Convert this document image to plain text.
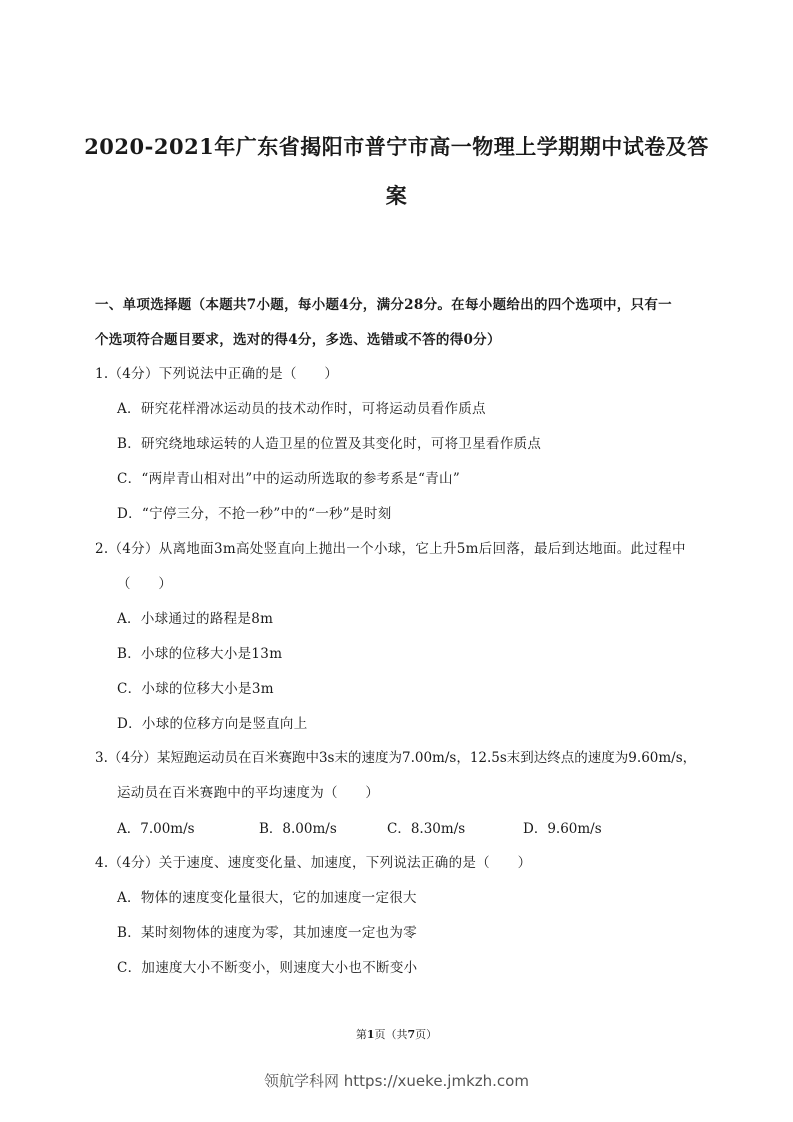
2020-2021年广东省揭阳市普宁市高一物理上学期期中试卷及答
案
一、单项选择题（本题共7小题，每小题4分，满分28分。在每小题给出的四个选项中，只有一
个选项符合题目要求，选对的得4分，多选、选错或不答的得0分）
1.（4分）下列说法中正确的是（　　）
A．研究花样滑冰运动员的技术动作时，可将运动员看作质点
B．研究绕地球运转的人造卫星的位置及其变化时，可将卫星看作质点
C．“两岸青山相对出”中的运动所选取的参考系是“青山”
D．“宁停三分，不抢一秒”中的“一秒”是时刻
2.（4分）从离地面3m高处竖直向上抛出一个小球，它上升5m后回落，最后到达地面。此过程中
（　　）
A．小球通过的路程是8m
B．小球的位移大小是13m
C．小球的位移大小是3m
D．小球的位移方向是竖直向上
3.（4分）某短跑运动员在百米赛跑中3s末的速度为7.00m/s，12.5s末到达终点的速度为9.60m/s，
运动员在百米赛跑中的平均速度为（　　）
A．7.00m/s	B．8.00m/s	C．8.30m/s	D．9.60m/s
4.（4分）关于速度、速度变化量、加速度，下列说法正确的是（　　）
A．物体的速度变化量很大，它的加速度一定很大
B．某时刻物体的速度为零，其加速度一定也为零
C．加速度大小不断变小，则速度大小也不断变小
第1页（共7页）
领航学科网 https://xueke.jmkzh.com
